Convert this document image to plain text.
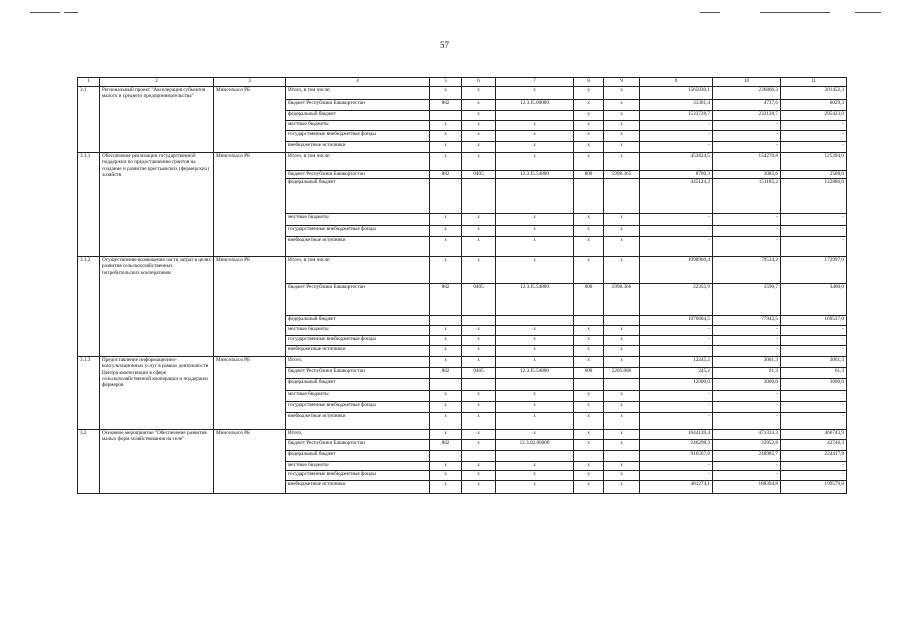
57
1	2	3	4	5	6	7	8	9	9	10	11
3.1	Региональный проект "Акселерация субъектов малого и среднего предпринимательства"	Минсельхоз РБ	Итого, в том числе:	x	x	x	x	x	1565030,1	236866,3	301452,3
			бюджет Республики Башкортостан	882	x	12.3.I5.00000	x	x	31301,4	4737,6	6029,3
			федеральный бюджет		x		x	x	1533728,7	232128,7	295423,0
			местные бюджеты	x	x	x	x	x	-	-	-
			государственные внебюджетные фонды	x	x	x	x	x	-	-	-
			внебюджетные источники	x	x	x	x	x	-	-	-
3.1.1	Обеспечение реализации государственной поддержки по предоставлению грантов на создание и развитие крестьянских (фермерских) хозяйств	Минсельхоз РБ	Итого, в том числе:	x	x	x	x	x	453824,5	154270,8	125394,0
			бюджет Республики Башкортостан	882	0405	12.3.I5.54800	800	5998.365	8700,3	3085,6	2508,0
			федеральный бюджет						445124,2	151185,2	122886,0
			местные бюджеты	x	x	x	x	x	-	-	-
			государственные внебюджетные фонды	x	x	x	x	x	-	-	-
			внебюджетные источники	x	x	x	x	x	-	-	-
3.1.2	Осуществление возмещения части затрат в целях развития сельскохозяйственных потребительских кооперативов	Минсельхоз РБ	Итого, в том числе:	x	x	x	x	x	1098960,4	79534,2	172997,0
			бюджет Республики Башкортостан	882	0405	12.3.I5.54800	800	5998.366	22355,9	1590,7	3460,0
			федеральный бюджет						1076604,5	77943,5	169537,0
			местные бюджеты	x	x	x	x	x	-	-	-
			государственные внебюджетные фонды	x	x	x	x	x	-	-	-
			внебюджетные источники	x	x	x	x	x	-	-	-
3.1.3	Предоставление информационно-консультационных услуг в рамках деятельности Центра компетенции в сфере сельскохозяйственной кооперации и поддержки фермеров	Минсельхоз РБ	Итого,	x	x	x	x	x	12245,2	3061,3	3061,3
			бюджет Республики Башкортостан	882	0405	12.3.I5.54800	600	2205.000	245,2	61,3	61,3
			федеральный бюджет						12000,0	3000,0	3000,0
			местные бюджеты	x	x	x	x	x	-	-	-
			государственные внебюджетные фонды	x	x	x	x	x	-	-	-
			внебюджетные источники	x	x	x	x	x	-	-	-
3.2	Основное мероприятие "Обеспечение развития малых форм хозяйствования на селе"	Минсельхоз РБ	Итого,	x	x	x	x	x	1644139,4	471333,3	466743,9
			бюджет Республики Башкортостан	882	x	12.3.02.00000	x	x	246298,3	33952,8	42746,3
			федеральный бюджет						916567,0	248985,7	224417,8
			местные бюджеты	x	x	x	x	x	-	-	-
			государственные внебюджетные фонды	x	x	x	x	x	-	-	-
			внебюджетные источники	x	x	x	x	x	481274,1	188394,8	199579,8
